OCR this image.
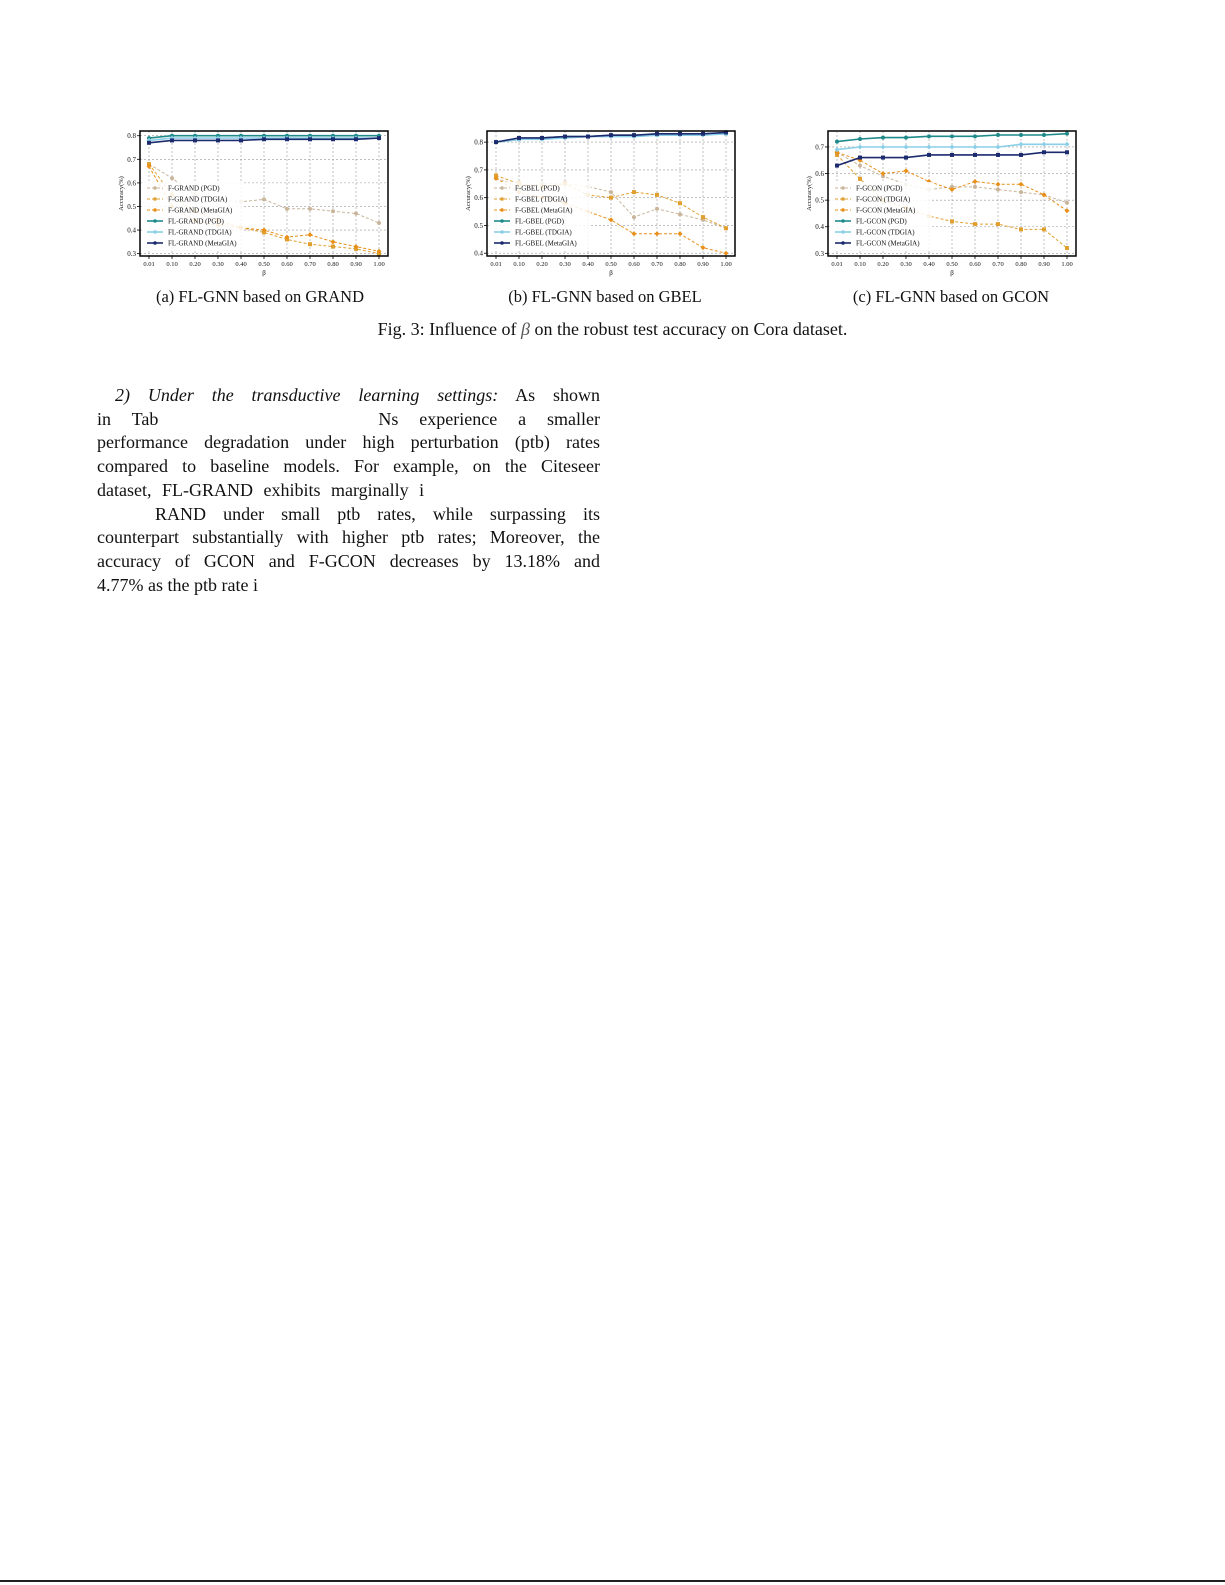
0.3
0.4
0.5
0.6
0.7
0.8
0.01 0.10 0.20 0.30 0.40 0.50 0.60 0.70 0.80 0.90 1.00
β
Accuracy(%)	F-GRAND (PGD)
F-GRAND (TDGIA)
F-GRAND (MetaGIA)
FL-GRAND (PGD)
FL-GRAND (TDGIA)
FL-GRAND (MetaGIA)
0.4
0.5
0.6
0.7
0.8
0.01 0.10 0.20 0.30 0.40 0.50 0.60 0.70 0.80 0.90 1.00
β
Accuracy(%)	F-GBEL (PGD)
F-GBEL (TDGIA)
F-GBEL (MetaGIA)
FL-GBEL (PGD)
FL-GBEL (TDGIA)
FL-GBEL (MetaGIA)
0.3
0.4
0.5
0.6
0.7
0.01 0.10 0.20 0.30 0.40 0.50 0.60 0.70 0.80 0.90 1.00
β
Accuracy(%)	F-GCON (PGD)
F-GCON (TDGIA)
F-GCON (MetaGIA)
FL-GCON (PGD)
FL-GCON (TDGIA)
FL-GCON (MetaGIA)
(a) FL-GNN based on GRAND	(b) FL-GNN based on GBEL	(c) FL-GNN based on GCON
Fig. 3: Influence of β on the robust test accuracy on Cora dataset.
2) Under the transductive learning settings: As shown
in Tab	Ns experience a smaller
performance degradation under high perturbation (ptb) rates
compared to baseline models. For example, on the Citeseer
dataset, FL-GRAND exhibits marginally i
RAND under small ptb rates, while surpassing its
counterpart substantially with higher ptb rates; Moreover, the
accuracy of GCON and F-GCON decreases by 13.18% and
4.77% as the ptb rate i
